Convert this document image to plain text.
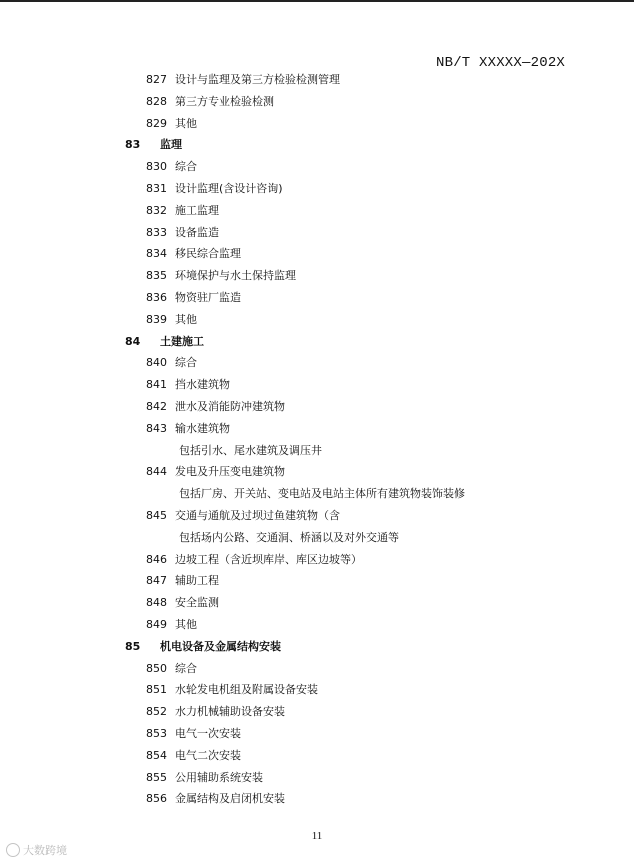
NB/T XXXXX—202X
827 设计与监理及第三方检验检测管理
828 第三方专业检验检测
829 其他
83 监理
830 综合
831 设计监理(含设计咨询)
832 施工监理
833 设备监造
834 移民综合监理
835 环境保护与水土保持监理
836 物资驻厂监造
839 其他
84 土建施工
840 综合
841 挡水建筑物
842 泄水及消能防冲建筑物
843 输水建筑物
包括引水、尾水建筑及调压井
844 发电及升压变电建筑物
包括厂房、开关站、变电站及电站主体所有建筑物装饰装修
845 交通与通航及过坝过鱼建筑物（含
包括场内公路、交通洞、桥涵以及对外交通等
846 边坡工程（含近坝库岸、库区边坡等）
847 辅助工程
848 安全监测
849 其他
85 机电设备及金属结构安装
850 综合
851 水轮发电机组及附属设备安装
852 水力机械辅助设备安装
853 电气一次安装
854 电气二次安装
855 公用辅助系统安装
856 金属结构及启闭机安装
11
大数跨境
